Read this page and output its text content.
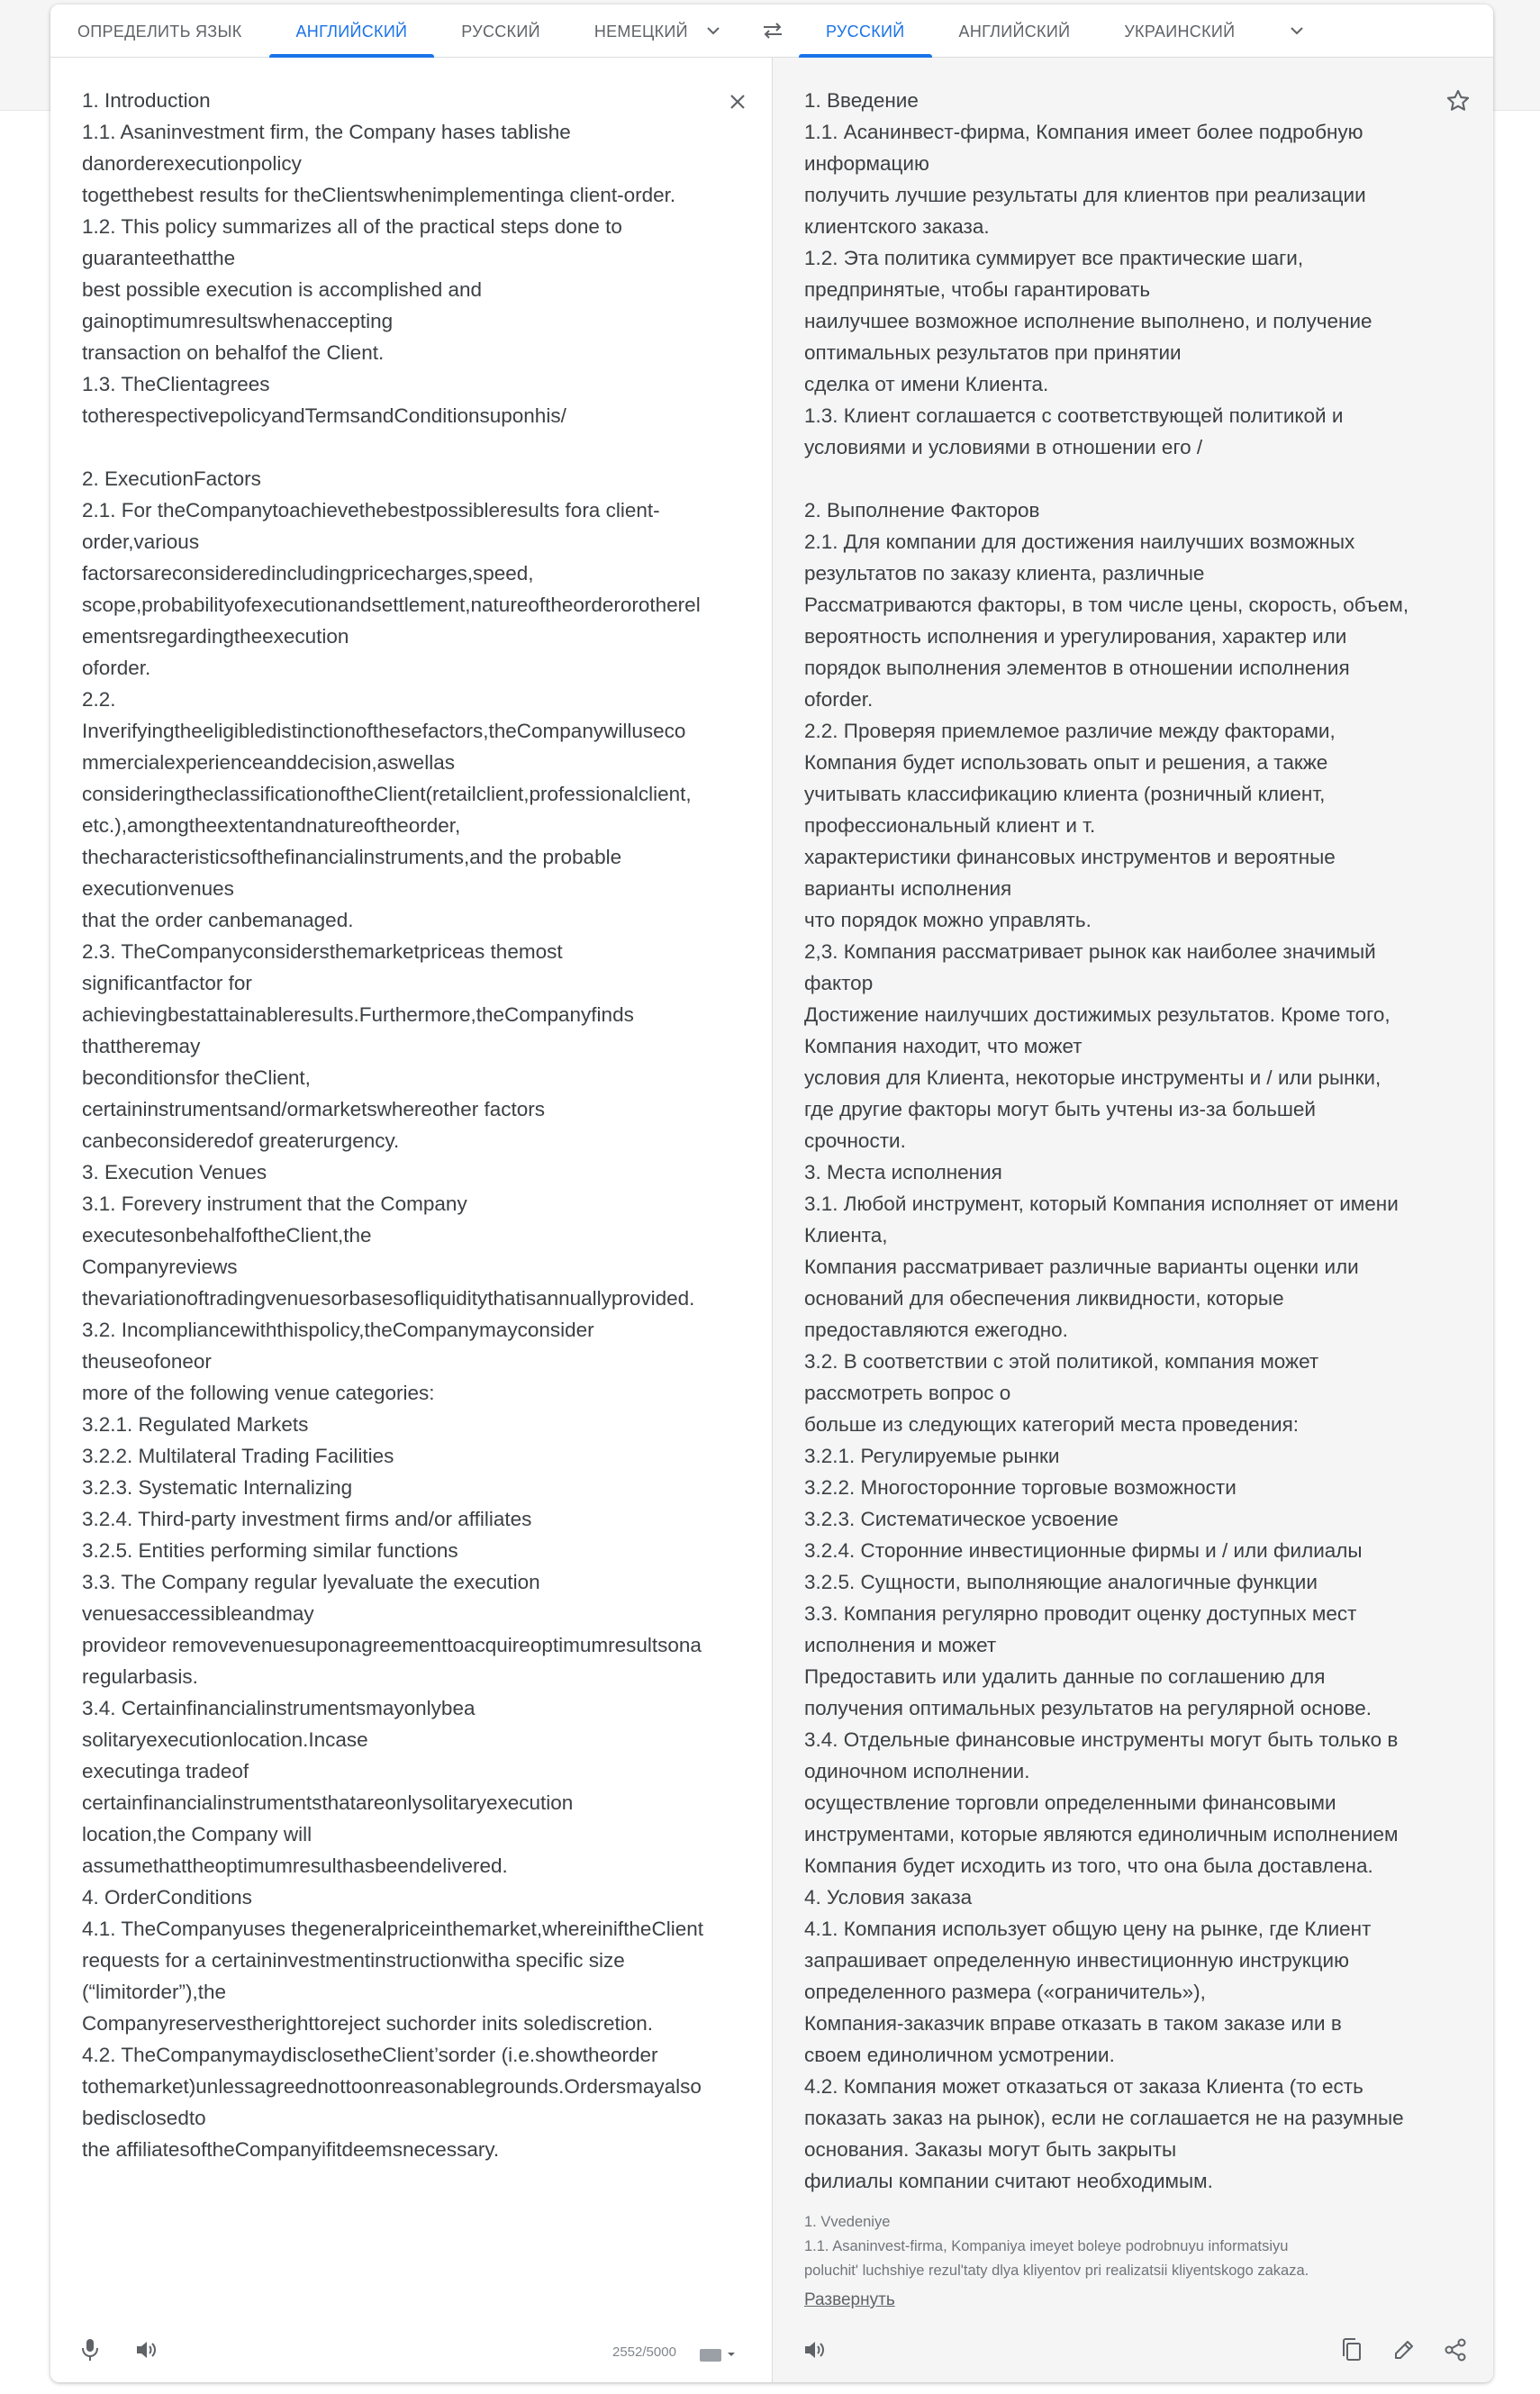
ОПРЕДЕЛИТЬ ЯЗЫК	АНГЛИЙСКИЙ	РУССКИЙ	НЕМЕЦКИЙ	РУССКИЙ	АНГЛИЙСКИЙ	УКРАИНСКИЙ
1. Introduction
1.1. Asaninvestment firm, the Company hases tablishe
danorderexecutionpolicy
togetthebest results for theClientswhenimplementinga client-order.
1.2. This policy summarizes all of the practical steps done to
guaranteethatthe
best possible execution is accomplished and
gainoptimumresultswhenaccepting
transaction on behalfof the Client.
1.3. TheClientagrees
totherespectivepolicyandTermsandConditionsuponhis/
2. ExecutionFactors
2.1. For theCompanytoachievethebestpossibleresults fora client-
order,various
factorsareconsideredincludingpricecharges,speed,
scope,probabilityofexecutionandsettlement,natureoftheorderorotherel
ementsregardingtheexecution
oforder.
2.2.
Inverifyingtheeligibledistinctionofthesefactors,theCompanywilluseco
mmercialexperienceanddecision,aswellas
consideringtheclassificationoftheClient(retailclient,professionalclient,
etc.),amongtheextentandnatureoftheorder,
thecharacteristicsofthefinancialinstruments,and the probable
executionvenues
that the order canbemanaged.
2.3. TheCompanyconsidersthemarketpriceas themost
significantfactor for
achievingbestattainableresults.Furthermore,theCompanyfinds
thattheremay
beconditionsfor theClient,
certaininstrumentsand/ormarketswhereother factors
canbeconsideredof greaterurgency.
3. Execution Venues
3.1. Forevery instrument that the Company
executesonbehalfoftheClient,the
Companyreviews
thevariationoftradingvenuesorbasesofliquiditythatisannuallyprovided.
3.2. Incompliancewiththispolicy,theCompanymayconsider
theuseofoneor
more of the following venue categories:
3.2.1. Regulated Markets
3.2.2. Multilateral Trading Facilities
3.2.3. Systematic Internalizing
3.2.4. Third-party investment firms and/or affiliates
3.2.5. Entities performing similar functions
3.3. The Company regular lyevaluate the execution
venuesaccessibleandmay
provideor removevenuesuponagreementtoacquireoptimumresultsona
regularbasis.
3.4. Certainfinancialinstrumentsmayonlybea
solitaryexecutionlocation.Incase
executinga tradeof
certainfinancialinstrumentsthatareonlysolitaryexecution
location,the Company will
assumethattheoptimumresulthasbeendelivered.
4. OrderConditions
4.1. TheCompanyuses thegeneralpriceinthemarket,whereiniftheClient
requests for a certaininvestmentinstructionwitha specific size
(“limitorder”),the
Companyreservestherighttoreject suchorder inits solediscretion.
4.2. TheCompanymaydisclosetheClient’sorder (i.e.showtheorder
tothemarket)unlessagreednottoonreasonablegrounds.Ordersmayalso
bedisclosedto
the affiliatesoftheCompanyifitdeemsnecessary.
2552/5000
1. Введение
1.1. Асанинвест-фирма, Компания имеет более подробную
информацию
получить лучшие результаты для клиентов при реализации
клиентского заказа.
1.2. Эта политика суммирует все практические шаги,
предпринятые, чтобы гарантировать
наилучшее возможное исполнение выполнено, и получение
оптимальных результатов при принятии
сделка от имени Клиента.
1.3. Клиент соглашается с соответствующей политикой и
условиями и условиями в отношении его /
2. Выполнение Факторов
2.1. Для компании для достижения наилучших возможных
результатов по заказу клиента, различные
Рассматриваются факторы, в том числе цены, скорость, объем,
вероятность исполнения и урегулирования, характер или
порядок выполнения элементов в отношении исполнения
oforder.
2.2. Проверяя приемлемое различие между факторами,
Компания будет использовать опыт и решения, а также
учитывать классификацию клиента (розничный клиент,
профессиональный клиент и т.
характеристики финансовых инструментов и вероятные
варианты исполнения
что порядок можно управлять.
2,3. Компания рассматривает рынок как наиболее значимый
фактор
Достижение наилучших достижимых результатов. Кроме того,
Компания находит, что может
условия для Клиента, некоторые инструменты и / или рынки,
где другие факторы могут быть учтены из-за большей
срочности.
3. Места исполнения
3.1. Любой инструмент, который Компания исполняет от имени
Клиента,
Компания рассматривает различные варианты оценки или
оснований для обеспечения ликвидности, которые
предоставляются ежегодно.
3.2. В соответствии с этой политикой, компания может
рассмотреть вопрос о
больше из следующих категорий места проведения:
3.2.1. Регулируемые рынки
3.2.2. Многосторонние торговые возможности
3.2.3. Систематическое усвоение
3.2.4. Сторонние инвестиционные фирмы и / или филиалы
3.2.5. Сущности, выполняющие аналогичные функции
3.3. Компания регулярно проводит оценку доступных мест
исполнения и может
Предоставить или удалить данные по соглашению для
получения оптимальных результатов на регулярной основе.
3.4. Отдельные финансовые инструменты могут быть только в
одиночном исполнении.
осуществление торговли определенными финансовыми
инструментами, которые являются единоличным исполнением
Компания будет исходить из того, что она была доставлена.
4. Условия заказа
4.1. Компания использует общую цену на рынке, где Клиент
запрашивает определенную инвестиционную инструкцию
определенного размера («ограничитель»),
Компания-заказчик вправе отказать в таком заказе или в
своем единоличном усмотрении.
4.2. Компания может отказаться от заказа Клиента (то есть
показать заказ на рынок), если не соглашается не на разумные
основания. Заказы могут быть закрыты
филиалы компании считают необходимым.
1. Vvedeniye
1.1. Asaninvest-firma, Kompaniya imeyet boleye podrobnuyu informatsiyu
poluchit' luchshiye rezul'taty dlya kliyentov pri realizatsii kliyentskogo zakaza.
Развернуть
